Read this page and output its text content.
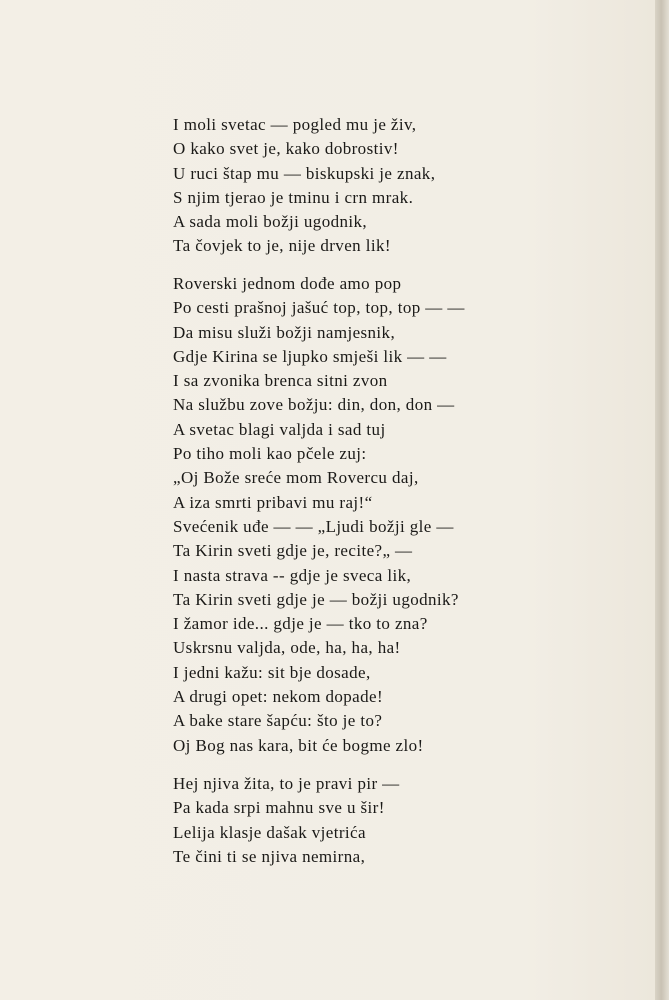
I moli svetac — pogled mu je živ,
O kako svet je, kako dobrostiv!
U ruci štap mu — biskupski je znak,
S njim tjerao je tminu i crn mrak.
A sada moli božji ugodnik,
Ta čovjek to je, nije drven lik!
Roverski jednom dođe amo pop
Po cesti prašnoj jašuć top, top, top — —
Da misu služi božji namjesnik,
Gdje Kirina se ljupko smješi lik — —
I sa zvonika brenca sitni zvon
Na službu zove božju: din, don, don —
A svetac blagi valjda i sad tuj
Po tiho moli kao pčele zuj:
„Oj Bože sreće mom Rovercu daj,
A iza smrti pribavi mu raj!“
Svećenik uđe — — „Ljudi božji gle —
Ta Kirin sveti gdje je, recite?„ —
I nasta strava -- gdje je sveca lik,
Ta Kirin sveti gdje je — božji ugodnik?
I žamor ide... gdje je — tko to zna?
Uskrsnu valjda, ode, ha, ha, ha!
I jedni kažu: sit bje dosade,
A drugi opet: nekom dopade!
A bake stare šapću: što je to?
Oj Bog nas kara, bit će bogme zlo!
Hej njiva žita, to je pravi pir —
Pa kada srpi mahnu sve u šir!
Lelija klasje dašak vjetrića
Te čini ti se njiva nemirna,
